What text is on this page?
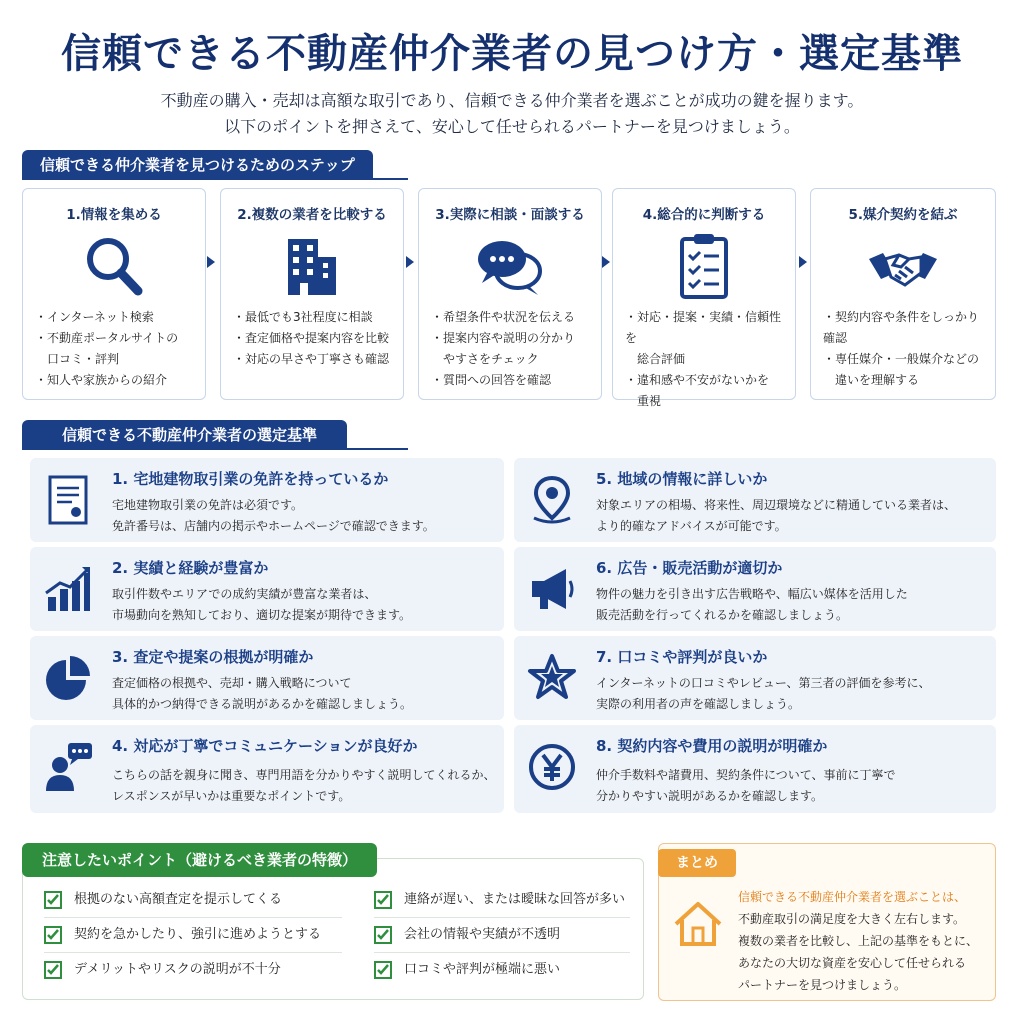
信頼できる不動産仲介業者の見つけ方・選定基準
不動産の購入・売却は高額な取引であり、信頼できる仲介業者を選ぶことが成功の鍵を握ります。
以下のポイントを押さえて、安心して任せられるパートナーを見つけましょう。
信頼できる仲介業者を見つけるためのステップ
1.情報を集める
・インターネット検索
・不動産ポータルサイトの
　口コミ・評判
・知人や家族からの紹介
2.複数の業者を比較する
・最低でも3社程度に相談
・査定価格や提案内容を比較
・対応の早さや丁寧さも確認
3.実際に相談・面談する
・希望条件や状況を伝える
・提案内容や説明の分かり
　やすさをチェック
・質問への回答を確認
4.総合的に判断する
・対応・提案・実績・信頼性を
　総合評価
・違和感や不安がないかを
　重視
5.媒介契約を結ぶ
・契約内容や条件をしっかり確認
・専任媒介・一般媒介などの
　違いを理解する
信頼できる不動産仲介業者の選定基準
1. 宅地建物取引業の免許を持っているか
宅地建物取引業の免許は必須です。
免許番号は、店舗内の掲示やホームページで確認できます。
2. 実績と経験が豊富か
取引件数やエリアでの成約実績が豊富な業者は、
市場動向を熟知しており、適切な提案が期待できます。
3. 査定や提案の根拠が明確か
査定価格の根拠や、売却・購入戦略について
具体的かつ納得できる説明があるかを確認しましょう。
4. 対応が丁寧でコミュニケーションが良好か
こちらの話を親身に聞き、専門用語を分かりやすく説明してくれるか、
レスポンスが早いかは重要なポイントです。
5. 地域の情報に詳しいか
対象エリアの相場、将来性、周辺環境などに精通している業者は、
より的確なアドバイスが可能です。
6. 広告・販売活動が適切か
物件の魅力を引き出す広告戦略や、幅広い媒体を活用した
販売活動を行ってくれるかを確認しましょう。
7. 口コミや評判が良いか
インターネットの口コミやレビュー、第三者の評価を参考に、
実際の利用者の声を確認しましょう。
8. 契約内容や費用の説明が明確か
仲介手数料や諸費用、契約条件について、事前に丁寧で
分かりやすい説明があるかを確認します。
注意したいポイント（避けるべき業者の特徴）
根拠のない高額査定を提示してくる
契約を急かしたり、強引に進めようとする
デメリットやリスクの説明が不十分
連絡が遅い、または曖昧な回答が多い
会社の情報や実績が不透明
口コミや評判が極端に悪い
まとめ
信頼できる不動産仲介業者を選ぶことは、
不動産取引の満足度を大きく左右します。
複数の業者を比較し、上記の基準をもとに、
あなたの大切な資産を安心して任せられる
パートナーを見つけましょう。
